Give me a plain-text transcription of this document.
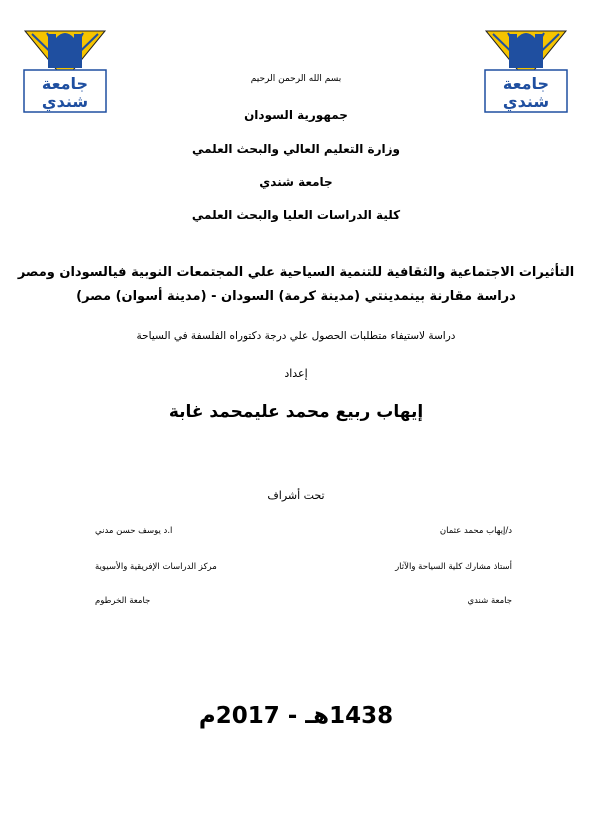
جامعة
شندي
جامعة
شندي
بسم الله الرحمن الرحيم
جمهورية السودان
وزارة التعليم العالي والبحث العلمي
جامعة شندي
كلية الدراسات العليا والبحث العلمي
التأثيرات الاجتماعية والثقافية للتنمية السياحية علي المجتمعات النوبية فيالسودان ومصر
دراسة مقارنة بينمدينتي (مدينة كرمة) السودان - (مدينة أسوان) مصر)
دراسة لاستيفاء متطلبات الحصول علي درجة دكتوراه الفلسفة في السياحة
إعداد
إيهاب ربيع محمد عليمحمد غابة
تحت أشراف
د/إيهاب محمد عثمان
أستاذ مشارك كلية السياحة والآثار
جامعة شندي
ا.د يوسف حسن مدني
مركز الدراسات الإفريقية والأسيوية
جامعة الخرطوم
1438هـ - 2017م
